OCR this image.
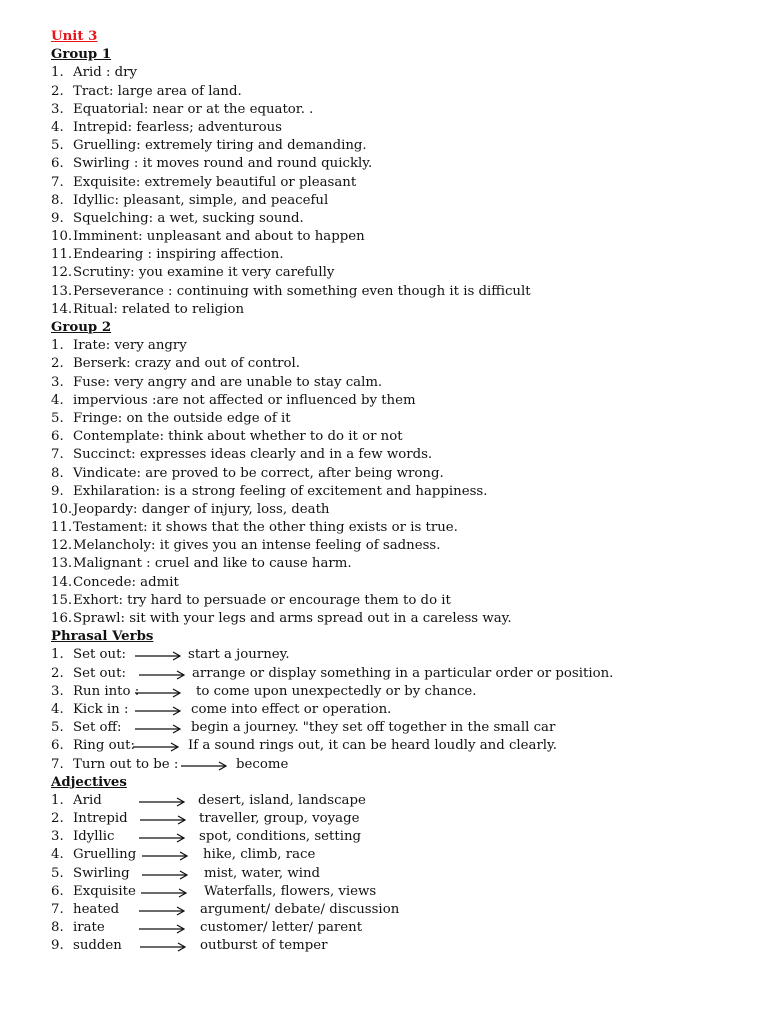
Unit 3
Group 1
1. Arid : dry
2. Tract: large area of land.
3. Equatorial: near or at the equator. .
4. Intrepid: fearless; adventurous
5. Gruelling: extremely tiring and demanding.
6. Swirling : it moves round and round quickly.
7. Exquisite: extremely beautiful or pleasant
8. Idyllic: pleasant, simple, and peaceful
9. Squelching: a wet, sucking sound.
10. Imminent: unpleasant and about to happen
11. Endearing : inspiring affection.
12. Scrutiny: you examine it very carefully
13. Perseverance : continuing with something even though it is difficult
14. Ritual: related to religion
Group 2
1. Irate: very angry
2. Berserk: crazy and out of control.
3. Fuse: very angry and are unable to stay calm.
4. impervious :are not affected or influenced by them
5. Fringe: on the outside edge of it
6. Contemplate: think about whether to do it or not
7. Succinct: expresses ideas clearly and in a few words.
8. Vindicate: are proved to be correct, after being wrong.
9. Exhilaration: is a strong feeling of excitement and happiness.
10. Jeopardy: danger of injury, loss, death
11. Testament: it shows that the other thing exists or is true.
12. Melancholy: it gives you an intense feeling of sadness.
13. Malignant : cruel and like to cause harm.
14. Concede: admit
15. Exhort: try hard to persuade or encourage them to do it
16. Sprawl: sit with your legs and arms spread out in a careless way.
Phrasal Verbs
1. Set out:	start a journey.
2. Set out:	arrange or display something in a particular order or position.
3. Run into :	to come upon unexpectedly or by chance.
4. Kick in :	come into effect or operation.
5. Set off:	begin a journey. "they set off together in the small car
6. Ring out:	If a sound rings out, it can be heard loudly and clearly.
7. Turn out to be :	become
Adjectives
1. Arid	desert, island, landscape
2. Intrepid	traveller, group, voyage
3. Idyllic	spot, conditions, setting
4. Gruelling	hike, climb, race
5. Swirling	mist, water, wind
6. Exquisite	Waterfalls, flowers, views
7. heated	argument/ debate/ discussion
8. irate	customer/ letter/ parent
9. sudden	outburst of temper
